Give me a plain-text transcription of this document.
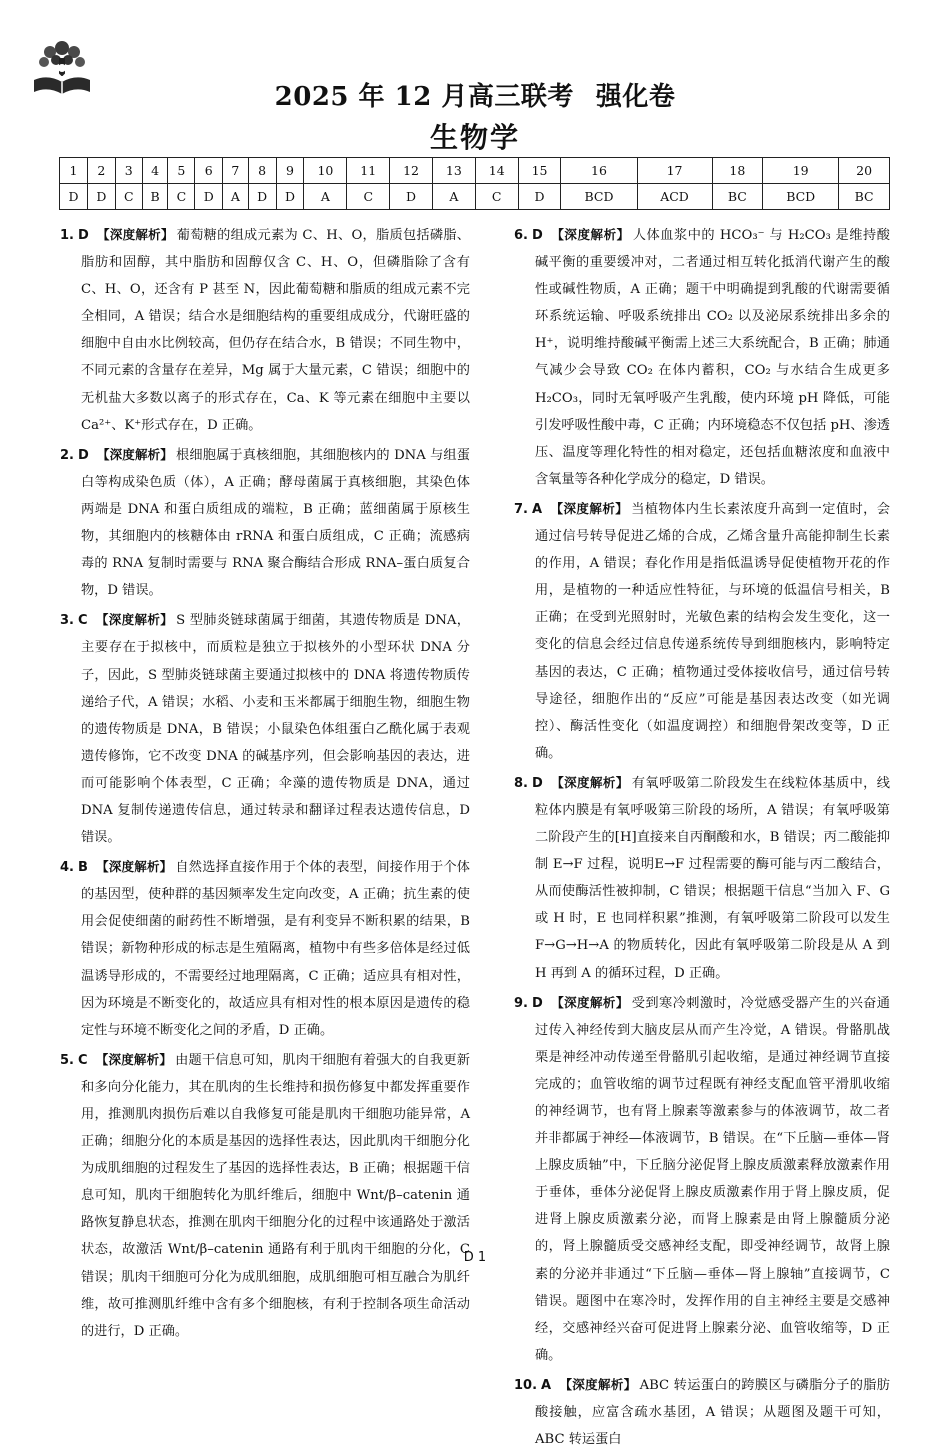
2025 年 12 月高三联考 强化卷
生物学
1	2	3	4	5	6	7	8	9	10	11	12	13	14	15	16	17	18	19	20
D	D	C	B	C	D	A	D	D	A	C	D	A	C	D	BCD	ACD	BC	BCD	BC
1. D 【深度解析】 葡萄糖的组成元素为 C、H、O，脂质包括磷脂、脂肪和固醇，其中脂肪和固醇仅含 C、H、O，但磷脂除了含有 C、H、O，还含有 P 甚至 N，因此葡萄糖和脂质的组成元素不完全相同，A 错误；结合水是细胞结构的重要组成成分，代谢旺盛的细胞中自由水比例较高，但仍存在结合水，B 错误；不同生物中，不同元素的含量存在差异，Mg 属于大量元素，C 错误；细胞中的无机盐大多数以离子的形式存在，Ca、K 等元素在细胞中主要以 Ca²⁺、K⁺形式存在，D 正确。
2. D 【深度解析】 根细胞属于真核细胞，其细胞核内的 DNA 与组蛋白等构成染色质（体），A 正确；酵母菌属于真核细胞，其染色体两端是 DNA 和蛋白质组成的端粒，B 正确；蓝细菌属于原核生物，其细胞内的核糖体由 rRNA 和蛋白质组成，C 正确；流感病毒的 RNA 复制时需要与 RNA 聚合酶结合形成 RNA–蛋白质复合物，D 错误。
3. C 【深度解析】 S 型肺炎链球菌属于细菌，其遗传物质是 DNA，主要存在于拟核中，而质粒是独立于拟核外的小型环状 DNA 分子，因此，S 型肺炎链球菌主要通过拟核中的 DNA 将遗传物质传递给子代，A 错误；水稻、小麦和玉米都属于细胞生物，细胞生物的遗传物质是 DNA，B 错误；小鼠染色体组蛋白乙酰化属于表观遗传修饰，它不改变 DNA 的碱基序列，但会影响基因的表达，进而可能影响个体表型，C 正确；伞藻的遗传物质是 DNA，通过 DNA 复制传递遗传信息，通过转录和翻译过程表达遗传信息，D 错误。
4. B 【深度解析】 自然选择直接作用于个体的表型，间接作用于个体的基因型，使种群的基因频率发生定向改变，A 正确；抗生素的使用会促使细菌的耐药性不断增强，是有利变异不断积累的结果，B 错误；新物种形成的标志是生殖隔离，植物中有些多倍体是经过低温诱导形成的，不需要经过地理隔离，C 正确；适应具有相对性，因为环境是不断变化的，故适应具有相对性的根本原因是遗传的稳定性与环境不断变化之间的矛盾，D 正确。
5. C 【深度解析】 由题干信息可知，肌肉干细胞有着强大的自我更新和多向分化能力，其在肌肉的生长维持和损伤修复中都发挥重要作用，推测肌肉损伤后难以自我修复可能是肌肉干细胞功能异常，A 正确；细胞分化的本质是基因的选择性表达，因此肌肉干细胞分化为成肌细胞的过程发生了基因的选择性表达，B 正确；根据题干信息可知，肌肉干细胞转化为肌纤维后，细胞中 Wnt/β–catenin 通路恢复静息状态，推测在肌肉干细胞分化的过程中该通路处于激活状态，故激活 Wnt/β–catenin 通路有利于肌肉干细胞的分化，C 错误；肌肉干细胞可分化为成肌细胞，成肌细胞可相互融合为肌纤维，故可推测肌纤维中含有多个细胞核，有利于控制各项生命活动的进行，D 正确。
6. D 【深度解析】 人体血浆中的 HCO₃⁻ 与 H₂CO₃ 是维持酸碱平衡的重要缓冲对，二者通过相互转化抵消代谢产生的酸性或碱性物质，A 正确；题干中明确提到乳酸的代谢需要循环系统运输、呼吸系统排出 CO₂ 以及泌尿系统排出多余的 H⁺，说明维持酸碱平衡需上述三大系统配合，B 正确；肺通气减少会导致 CO₂ 在体内蓄积，CO₂ 与水结合生成更多 H₂CO₃，同时无氧呼吸产生乳酸，使内环境 pH 降低，可能引发呼吸性酸中毒，C 正确；内环境稳态不仅包括 pH、渗透压、温度等理化特性的相对稳定，还包括血糖浓度和血液中含氧量等各种化学成分的稳定，D 错误。
7. A 【深度解析】 当植物体内生长素浓度升高到一定值时，会通过信号转导促进乙烯的合成，乙烯含量升高能抑制生长素的作用，A 错误；春化作用是指低温诱导促使植物开花的作用，是植物的一种适应性特征，与环境的低温信号相关，B 正确；在受到光照射时，光敏色素的结构会发生变化，这一变化的信息会经过信息传递系统传导到细胞核内，影响特定基因的表达，C 正确；植物通过受体接收信号，通过信号转导途径，细胞作出的“反应”可能是基因表达改变（如光调控）、酶活性变化（如温度调控）和细胞骨架改变等，D 正确。
8. D 【深度解析】 有氧呼吸第二阶段发生在线粒体基质中，线粒体内膜是有氧呼吸第三阶段的场所，A 错误；有氧呼吸第二阶段产生的[H]直接来自丙酮酸和水，B 错误；丙二酸能抑制 E→F 过程，说明E→F 过程需要的酶可能与丙二酸结合，从而使酶活性被抑制，C 错误；根据题干信息“当加入 F、G 或 H 时，E 也同样积累”推测，有氧呼吸第二阶段可以发生 F→G→H→A 的物质转化，因此有氧呼吸第二阶段是从 A 到 H 再到 A 的循环过程，D 正确。
9. D 【深度解析】 受到寒冷刺激时，冷觉感受器产生的兴奋通过传入神经传到大脑皮层从而产生冷觉，A 错误。骨骼肌战栗是神经冲动传递至骨骼肌引起收缩，是通过神经调节直接完成的；血管收缩的调节过程既有神经支配血管平滑肌收缩的神经调节，也有肾上腺素等激素参与的体液调节，故二者并非都属于神经—体液调节，B 错误。在“下丘脑—垂体—肾上腺皮质轴”中，下丘脑分泌促肾上腺皮质激素释放激素作用于垂体，垂体分泌促肾上腺皮质激素作用于肾上腺皮质，促进肾上腺皮质激素分泌，而肾上腺素是由肾上腺髓质分泌的，肾上腺髓质受交感神经支配，即受神经调节，故肾上腺素的分泌并非通过“下丘脑—垂体—肾上腺轴”直接调节，C 错误。题图中在寒冷时，发挥作用的自主神经主要是交感神经，交感神经兴奋可促进肾上腺素分泌、血管收缩等，D 正确。
10. A 【深度解析】 ABC 转运蛋白的跨膜区与磷脂分子的脂肪酸接触，应富含疏水基团，A 错误；从题图及题干可知，ABC 转运蛋白
D 1
